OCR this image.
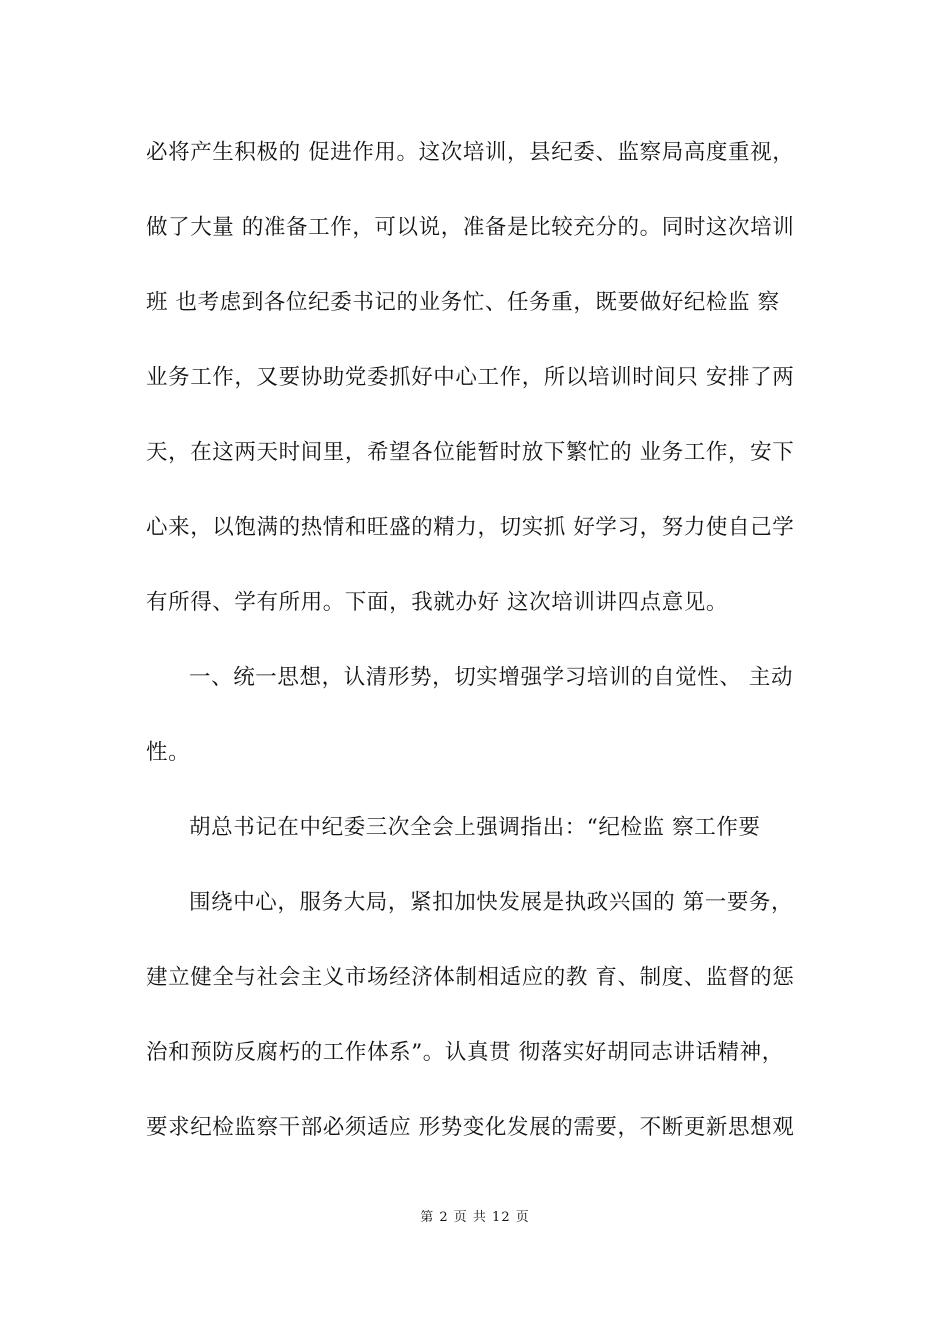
必将产生积极的 促进作用。这次培训，县纪委、监察局高度重视，
做了大量 的准备工作，可以说，准备是比较充分的。同时这次培训
班 也考虑到各位纪委书记的业务忙、任务重，既要做好纪检监 察
业务工作，又要协助党委抓好中心工作，所以培训时间只 安排了两
天，在这两天时间里，希望各位能暂时放下繁忙的 业务工作，安下
心来，以饱满的热情和旺盛的精力，切实抓 好学习，努力使自己学
有所得、学有所用。下面，我就办好 这次培训讲四点意见。
一、统一思想，认清形势，切实增强学习培训的自觉性、 主动
性。
胡总书记在中纪委三次全会上强调指出：“纪检监 察工作要
围绕中心，服务大局，紧扣加快发展是执政兴国的 第一要务，
建立健全与社会主义市场经济体制相适应的教 育、制度、监督的惩
治和预防反腐朽的工作体系”。认真贯 彻落实好胡同志讲话精神，
要求纪检监察干部必须适应 形势变化发展的需要，不断更新思想观
第 2 页 共 12 页
